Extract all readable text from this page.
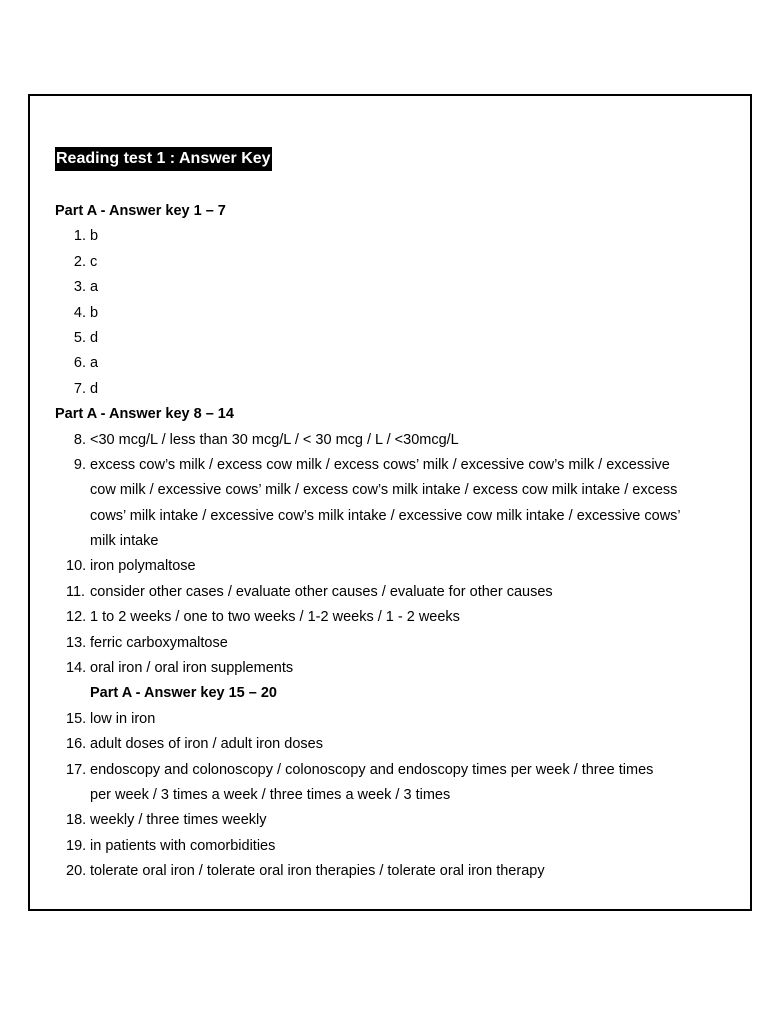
Reading test 1 : Answer Key
Part A - Answer key 1 – 7
1. b
2. c
3. a
4. b
5. d
6. a
7. d
Part A - Answer key 8 – 14
8. <30 mcg/L / less than 30 mcg/L / < 30 mcg / L / <30mcg/L
9. excess cow’s milk / excess cow milk / excess cows’ milk / excessive cow’s milk / excessive
cow milk / excessive cows’ milk / excess cow’s milk intake / excess cow milk intake / excess
cows’ milk intake / excessive cow’s milk intake / excessive cow milk intake / excessive cows’
milk intake
10. iron polymaltose
11. consider other cases / evaluate other causes / evaluate for other causes
12. 1 to 2 weeks / one to two weeks / 1-2 weeks / 1 - 2 weeks
13. ferric carboxymaltose
14. oral iron / oral iron supplements
Part A - Answer key 15 – 20
15. low in iron
16. adult doses of iron / adult iron doses
17. endoscopy and colonoscopy / colonoscopy and endoscopy times per week / three times
per week / 3 times a week / three times a week / 3 times
18. weekly / three times weekly
19. in patients with comorbidities
20. tolerate oral iron / tolerate oral iron therapies / tolerate oral iron therapy
